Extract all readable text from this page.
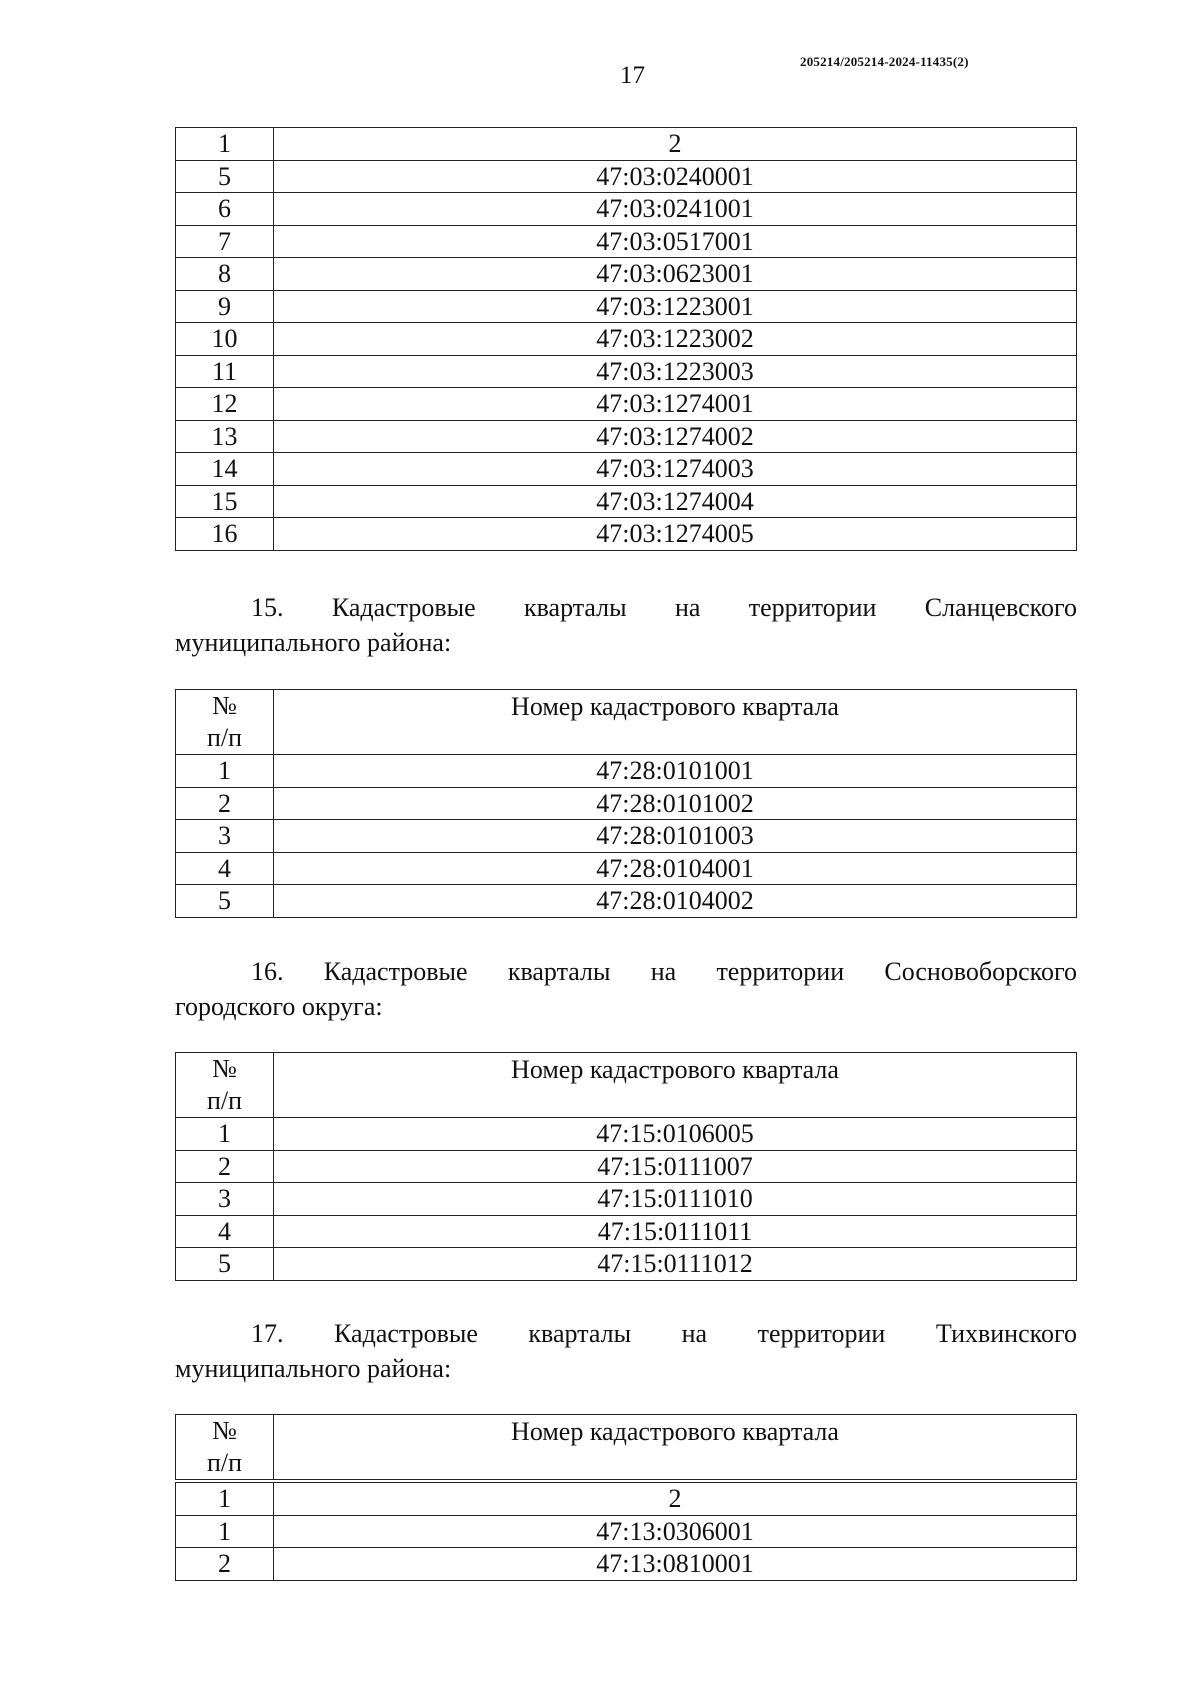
17
205214/205214-2024-11435(2)
1	2
5	47:03:0240001
6	47:03:0241001
7	47:03:0517001
8	47:03:0623001
9	47:03:1223001
10	47:03:1223002
11	47:03:1223003
12	47:03:1274001
13	47:03:1274002
14	47:03:1274003
15	47:03:1274004
16	47:03:1274005
15. Кадастровые кварталы на территории Сланцевского
муниципального района:
№
п/п	Номер кадастрового квартала
1	47:28:0101001
2	47:28:0101002
3	47:28:0101003
4	47:28:0104001
5	47:28:0104002
16. Кадастровые кварталы на территории Сосновоборского
городского округа:
№
п/п	Номер кадастрового квартала
1	47:15:0106005
2	47:15:0111007
3	47:15:0111010
4	47:15:0111011
5	47:15:0111012
17. Кадастровые кварталы на территории Тихвинского
муниципального района:
№
п/п	Номер кадастрового квартала
1	2
1	47:13:0306001
2	47:13:0810001
